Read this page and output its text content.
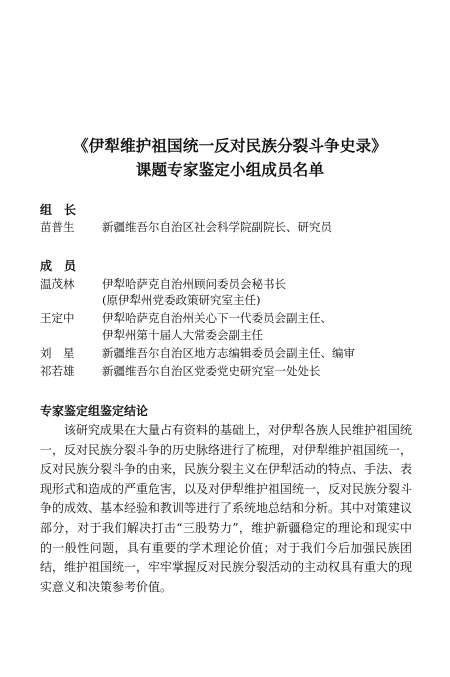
《伊犁维护祖国统一反对民族分裂斗争史录》
课题专家鉴定小组成员名单
组　长
苗普生 新疆维吾尔自治区社会科学院副院长、研究员
成　员
温茂林 伊犁哈萨克自治州顾问委员会秘书长
(原伊犁州党委政策研究室主任)
王定中 伊犁哈萨克自治州关心下一代委员会副主任、
伊犁州第十届人大常委会副主任
刘　星 新疆维吾尔自治区地方志编辑委员会副主任、编审
祁若雄 新疆维吾尔自治区党委党史研究室一处处长
专家鉴定组鉴定结论
该研究成果在大量占有资料的基础上，对伊犁各族人民维护祖国统一，反对民族分裂斗争的历史脉络进行了梳理，对伊犁维护祖国统一，反对民族分裂斗争的由来，民族分裂主义在伊犁活动的特点、手法、表现形式和造成的严重危害，以及对伊犁维护祖国统一，反对民族分裂斗争的成效、基本经验和教训等进行了系统地总结和分析。其中对策建议部分，对于我们解决打击“三股势力”，维护新疆稳定的理论和现实中的一般性问题，具有重要的学术理论价值；对于我们今后加强民族团结，维护祖国统一，牢牢掌握反对民族分裂活动的主动权具有重大的现实意义和决策参考价值。
